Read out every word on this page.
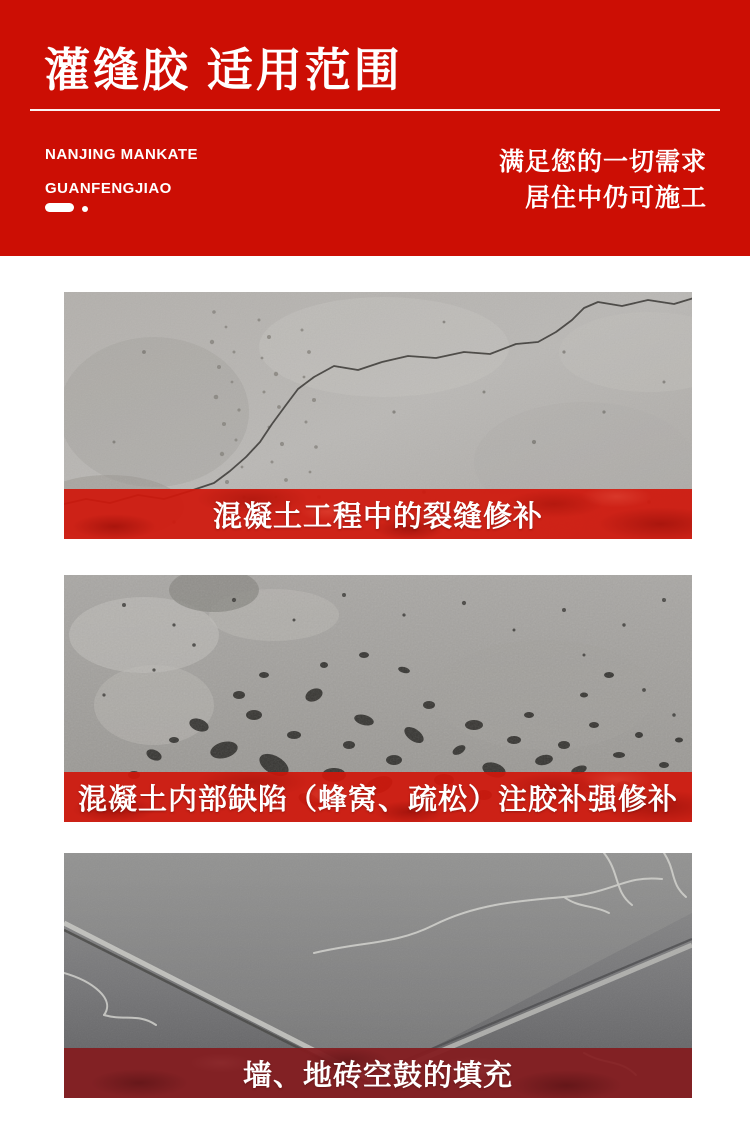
灌缝胶 适用范围
NANJING MANKATE
GUANFENGJIAO
满足您的一切需求
居住中仍可施工
混凝土工程中的裂缝修补
混凝土内部缺陷（蜂窝、疏松）注胶补强修补
墙、地砖空鼓的填充
